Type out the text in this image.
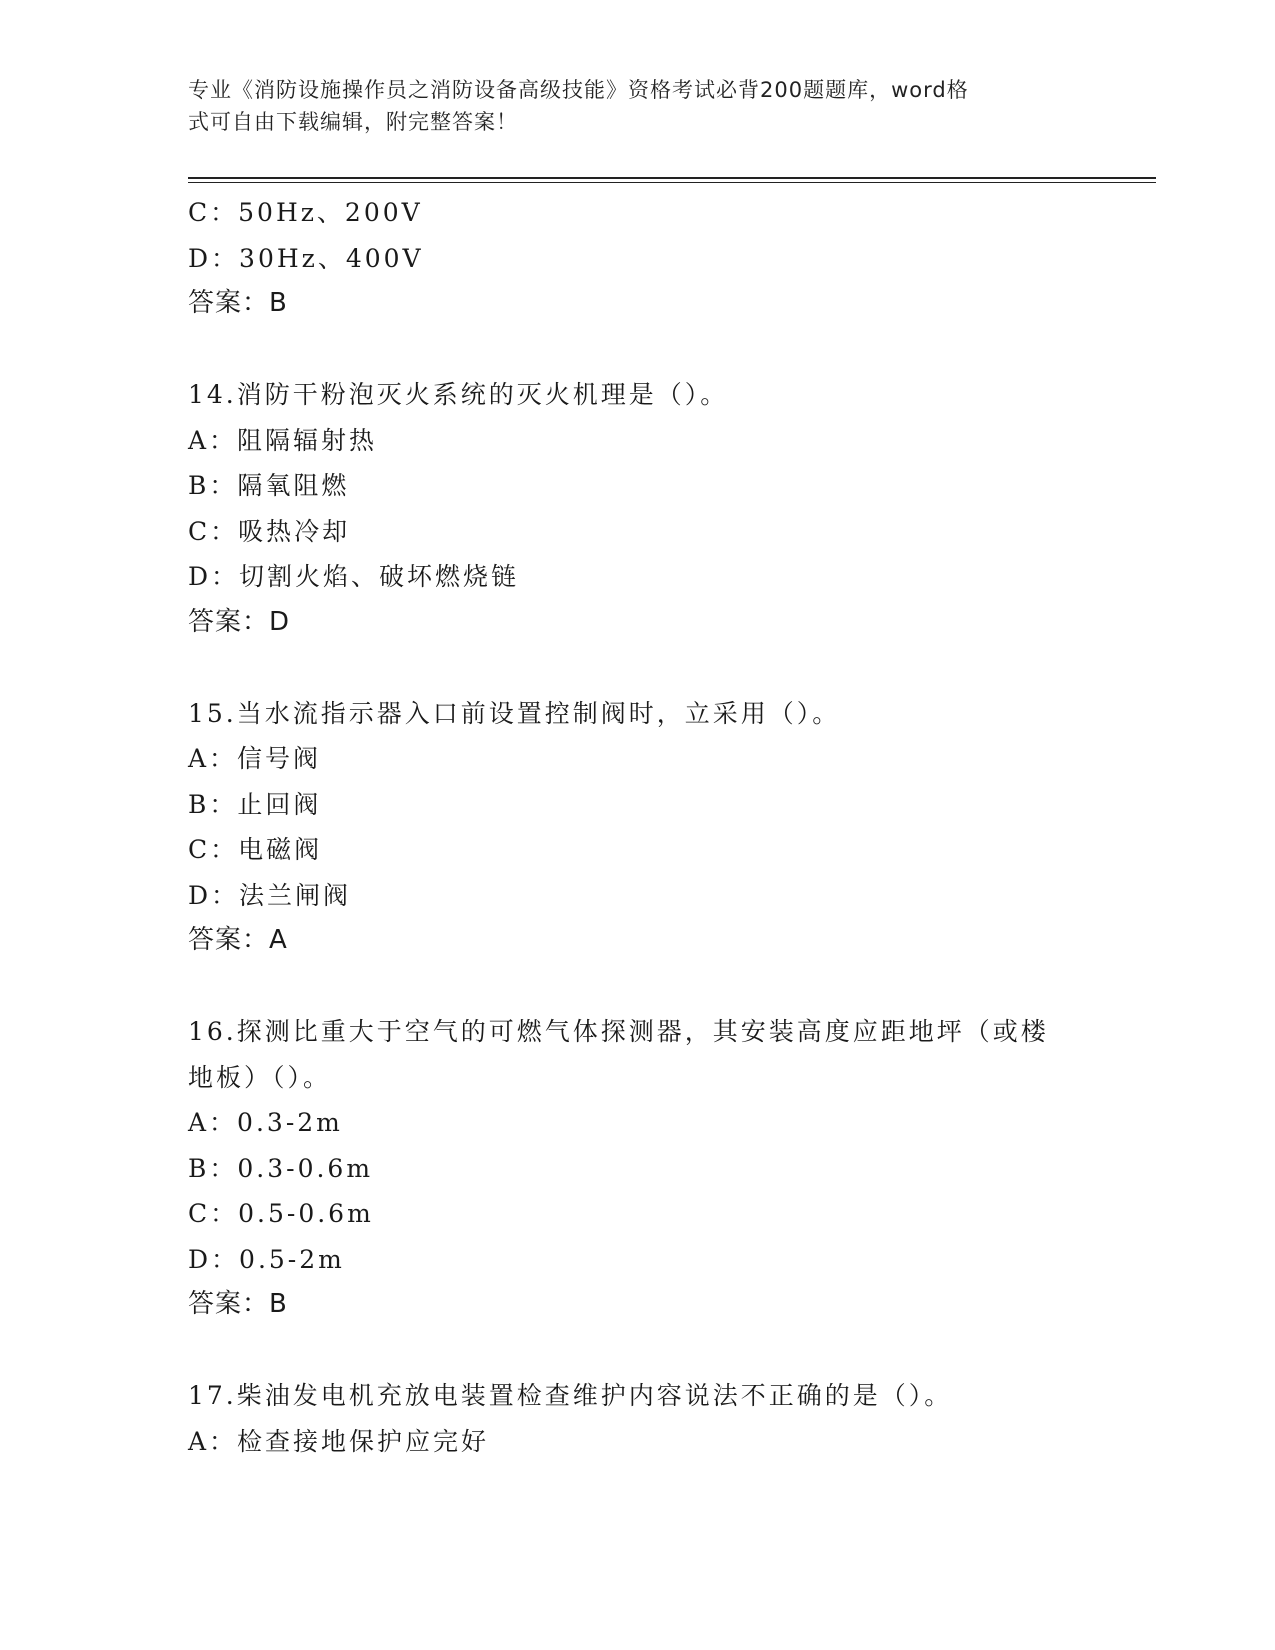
专业《消防设施操作员之消防设备高级技能》资格考试必背200题题库，word格
式可自由下载编辑，附完整答案！
C：50Hz、200V
D：30Hz、400V
答案：B
14.消防干粉泡灭火系统的灭火机理是（）。
A：阻隔辐射热
B：隔氧阻燃
C：吸热冷却
D：切割火焰、破坏燃烧链
答案：D
15.当水流指示器入口前设置控制阀时，立采用（）。
A：信号阀
B：止回阀
C：电磁阀
D：法兰闸阀
答案：A
16.探测比重大于空气的可燃气体探测器，其安装高度应距地坪（或楼
地板）（）。
A：0.3-2m
B：0.3-0.6m
C：0.5-0.6m
D：0.5-2m
答案：B
17.柴油发电机充放电装置检查维护内容说法不正确的是（）。
A：检查接地保护应完好
